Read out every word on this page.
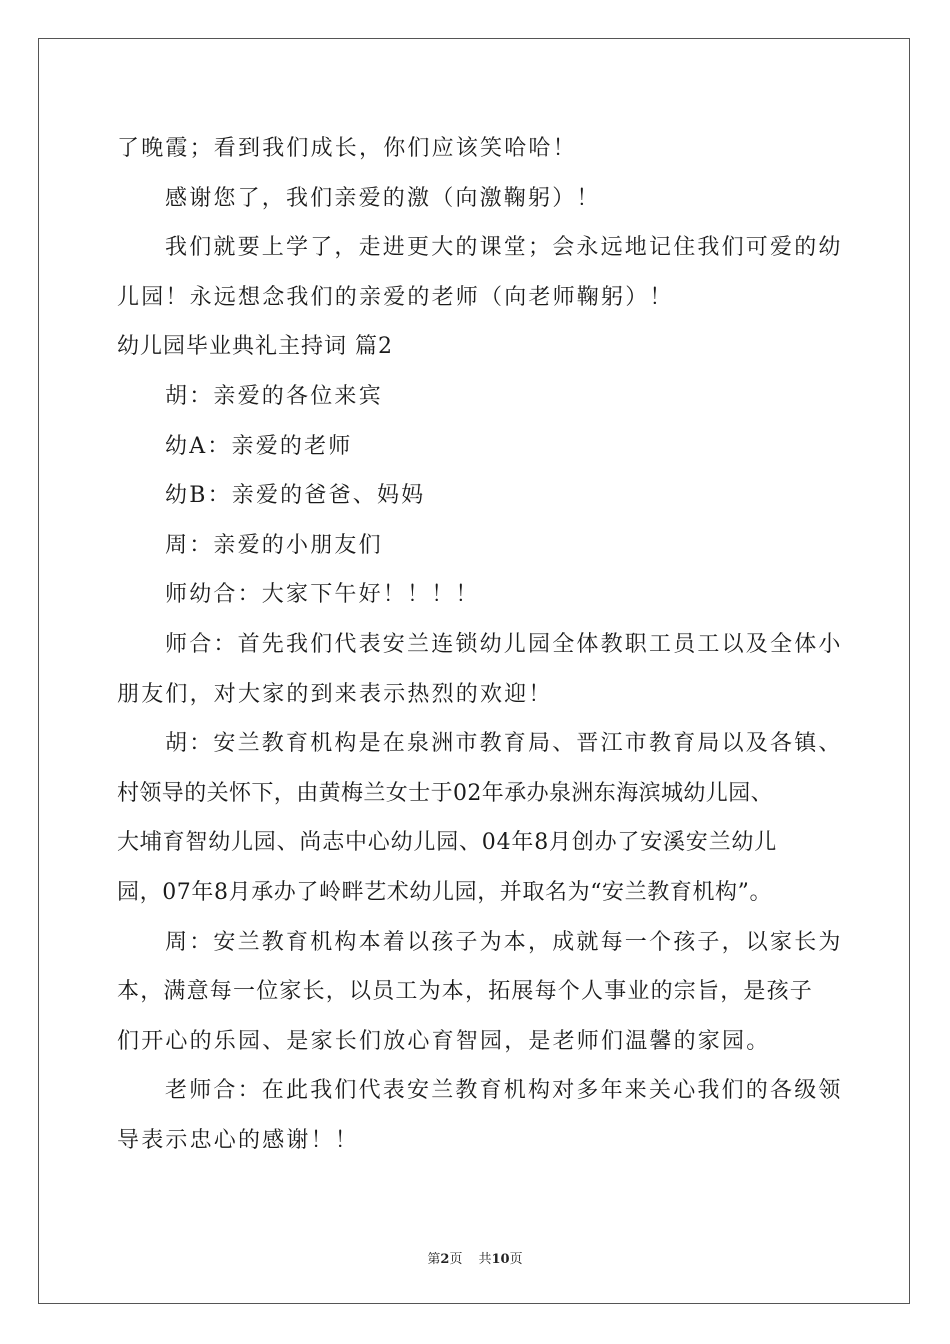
了晚霞；看到我们成长，你们应该笑哈哈！
感谢您了，我们亲爱的激（向激鞠躬）！
我们就要上学了，走进更大的课堂；会永远地记住我们可爱的幼
儿园！永远想念我们的亲爱的老师（向老师鞠躬）！
幼儿园毕业典礼主持词 篇2
胡：亲爱的各位来宾
幼A：亲爱的老师
幼B：亲爱的爸爸、妈妈
周：亲爱的小朋友们
师幼合：大家下午好！！！！
师合：首先我们代表安兰连锁幼儿园全体教职工员工以及全体小
朋友们，对大家的到来表示热烈的欢迎！
胡：安兰教育机构是在泉洲市教育局、晋江市教育局以及各镇、
村领导的关怀下，由黄梅兰女士于02年承办泉洲东海滨城幼儿园、
大埔育智幼儿园、尚志中心幼儿园、04年8月创办了安溪安兰幼儿
园，07年8月承办了岭畔艺术幼儿园，并取名为“安兰教育机构”。
周：安兰教育机构本着以孩子为本，成就每一个孩子，以家长为
本，满意每一位家长，以员工为本，拓展每个人事业的宗旨，是孩子
们开心的乐园、是家长们放心育智园，是老师们温馨的家园。
老师合：在此我们代表安兰教育机构对多年来关心我们的各级领
导表示忠心的感谢！！
第2页 共10页
